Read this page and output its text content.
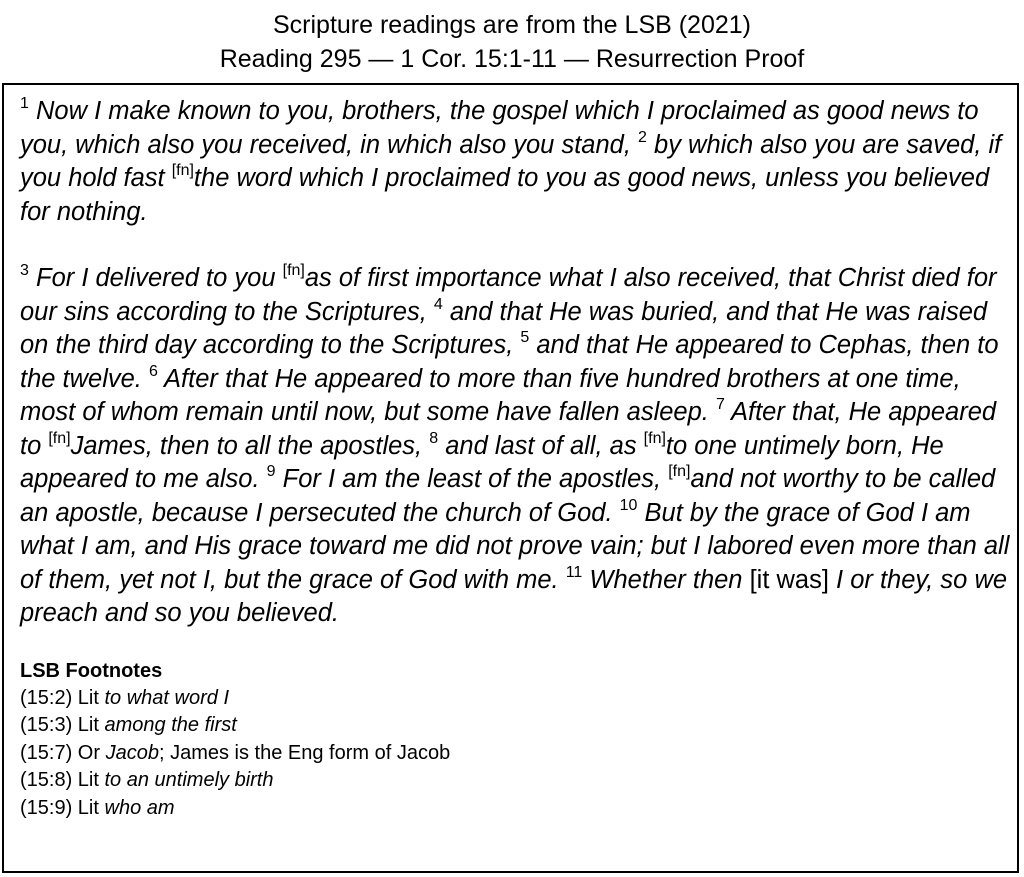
Scripture readings are from the LSB (2021)
Reading 295 — 1 Cor. 15:1-11 — Resurrection Proof

$^1$ Now I make known to you, brothers, the gospel which I proclaimed as good news to you, which also you received, in which also you stand, $^2$ by which also you are saved, if you hold fast [fn]the word which I proclaimed to you as good news, unless you believed for nothing.

$^3$ For I delivered to you [fn]as of first importance what I also received, that Christ died for our sins according to the Scriptures, $^4$ and that He was buried, and that He was raised on the third day according to the Scriptures, $^5$ and that He appeared to Cephas, then to the twelve. $^6$ After that He appeared to more than five hundred brothers at one time, most of whom remain until now, but some have fallen asleep. $^7$ After that, He appeared to [fn]James, then to all the apostles, $^8$ and last of all, as [fn]to one untimely born, He appeared to me also. $^9$ For I am the least of the apostles, [fn]and not worthy to be called an apostle, because I persecuted the church of God. $^{10}$ But by the grace of God I am what I am, and His grace toward me did not prove vain; but I labored even more than all of them, yet not I, but the grace of God with me. $^{11}$ Whether then [it was] I or they, so we preach and so you believed.

LSB Footnotes
(15:2) Lit to what word I
(15:3) Lit among the first
(15:7) Or Jacob; James is the Eng form of Jacob
(15:8) Lit to an untimely birth
(15:9) Lit who am
